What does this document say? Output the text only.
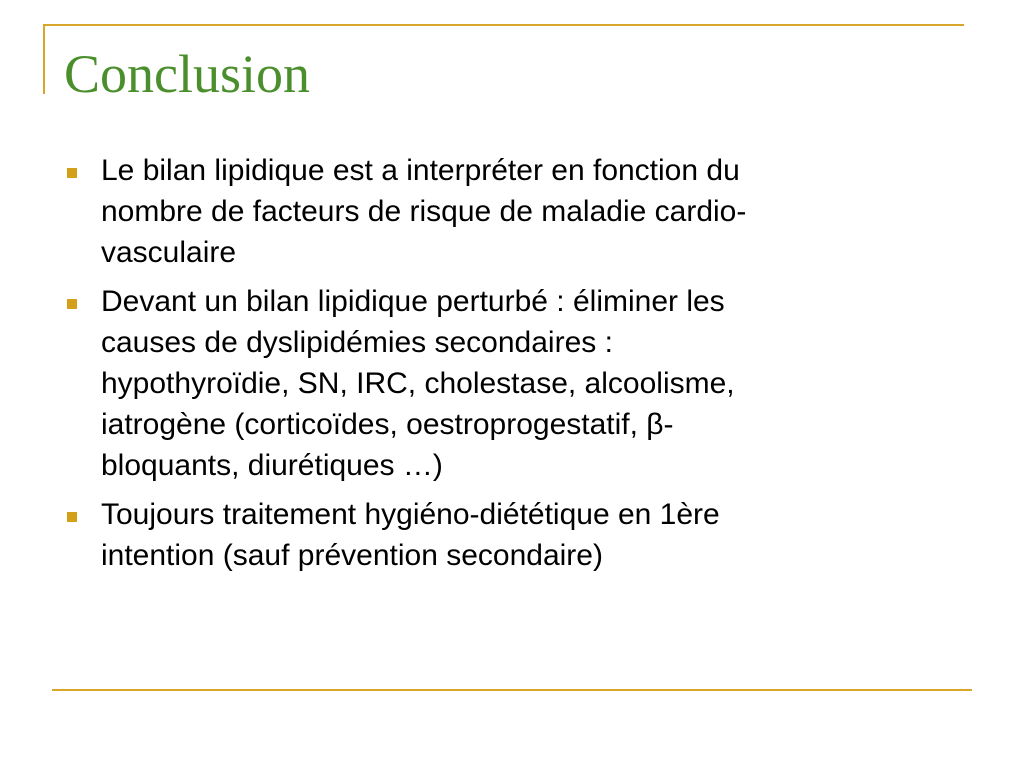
Conclusion
Le bilan lipidique est a interpréter en fonction du
nombre de facteurs de risque de maladie cardio-
vasculaire
Devant un bilan lipidique perturbé : éliminer les
causes de dyslipidémies secondaires :
hypothyroïdie, SN, IRC, cholestase, alcoolisme,
iatrogène (corticoïdes, oestroprogestatif, β-
bloquants, diurétiques …)
Toujours traitement hygiéno-diététique en 1ère
intention (sauf prévention secondaire)
